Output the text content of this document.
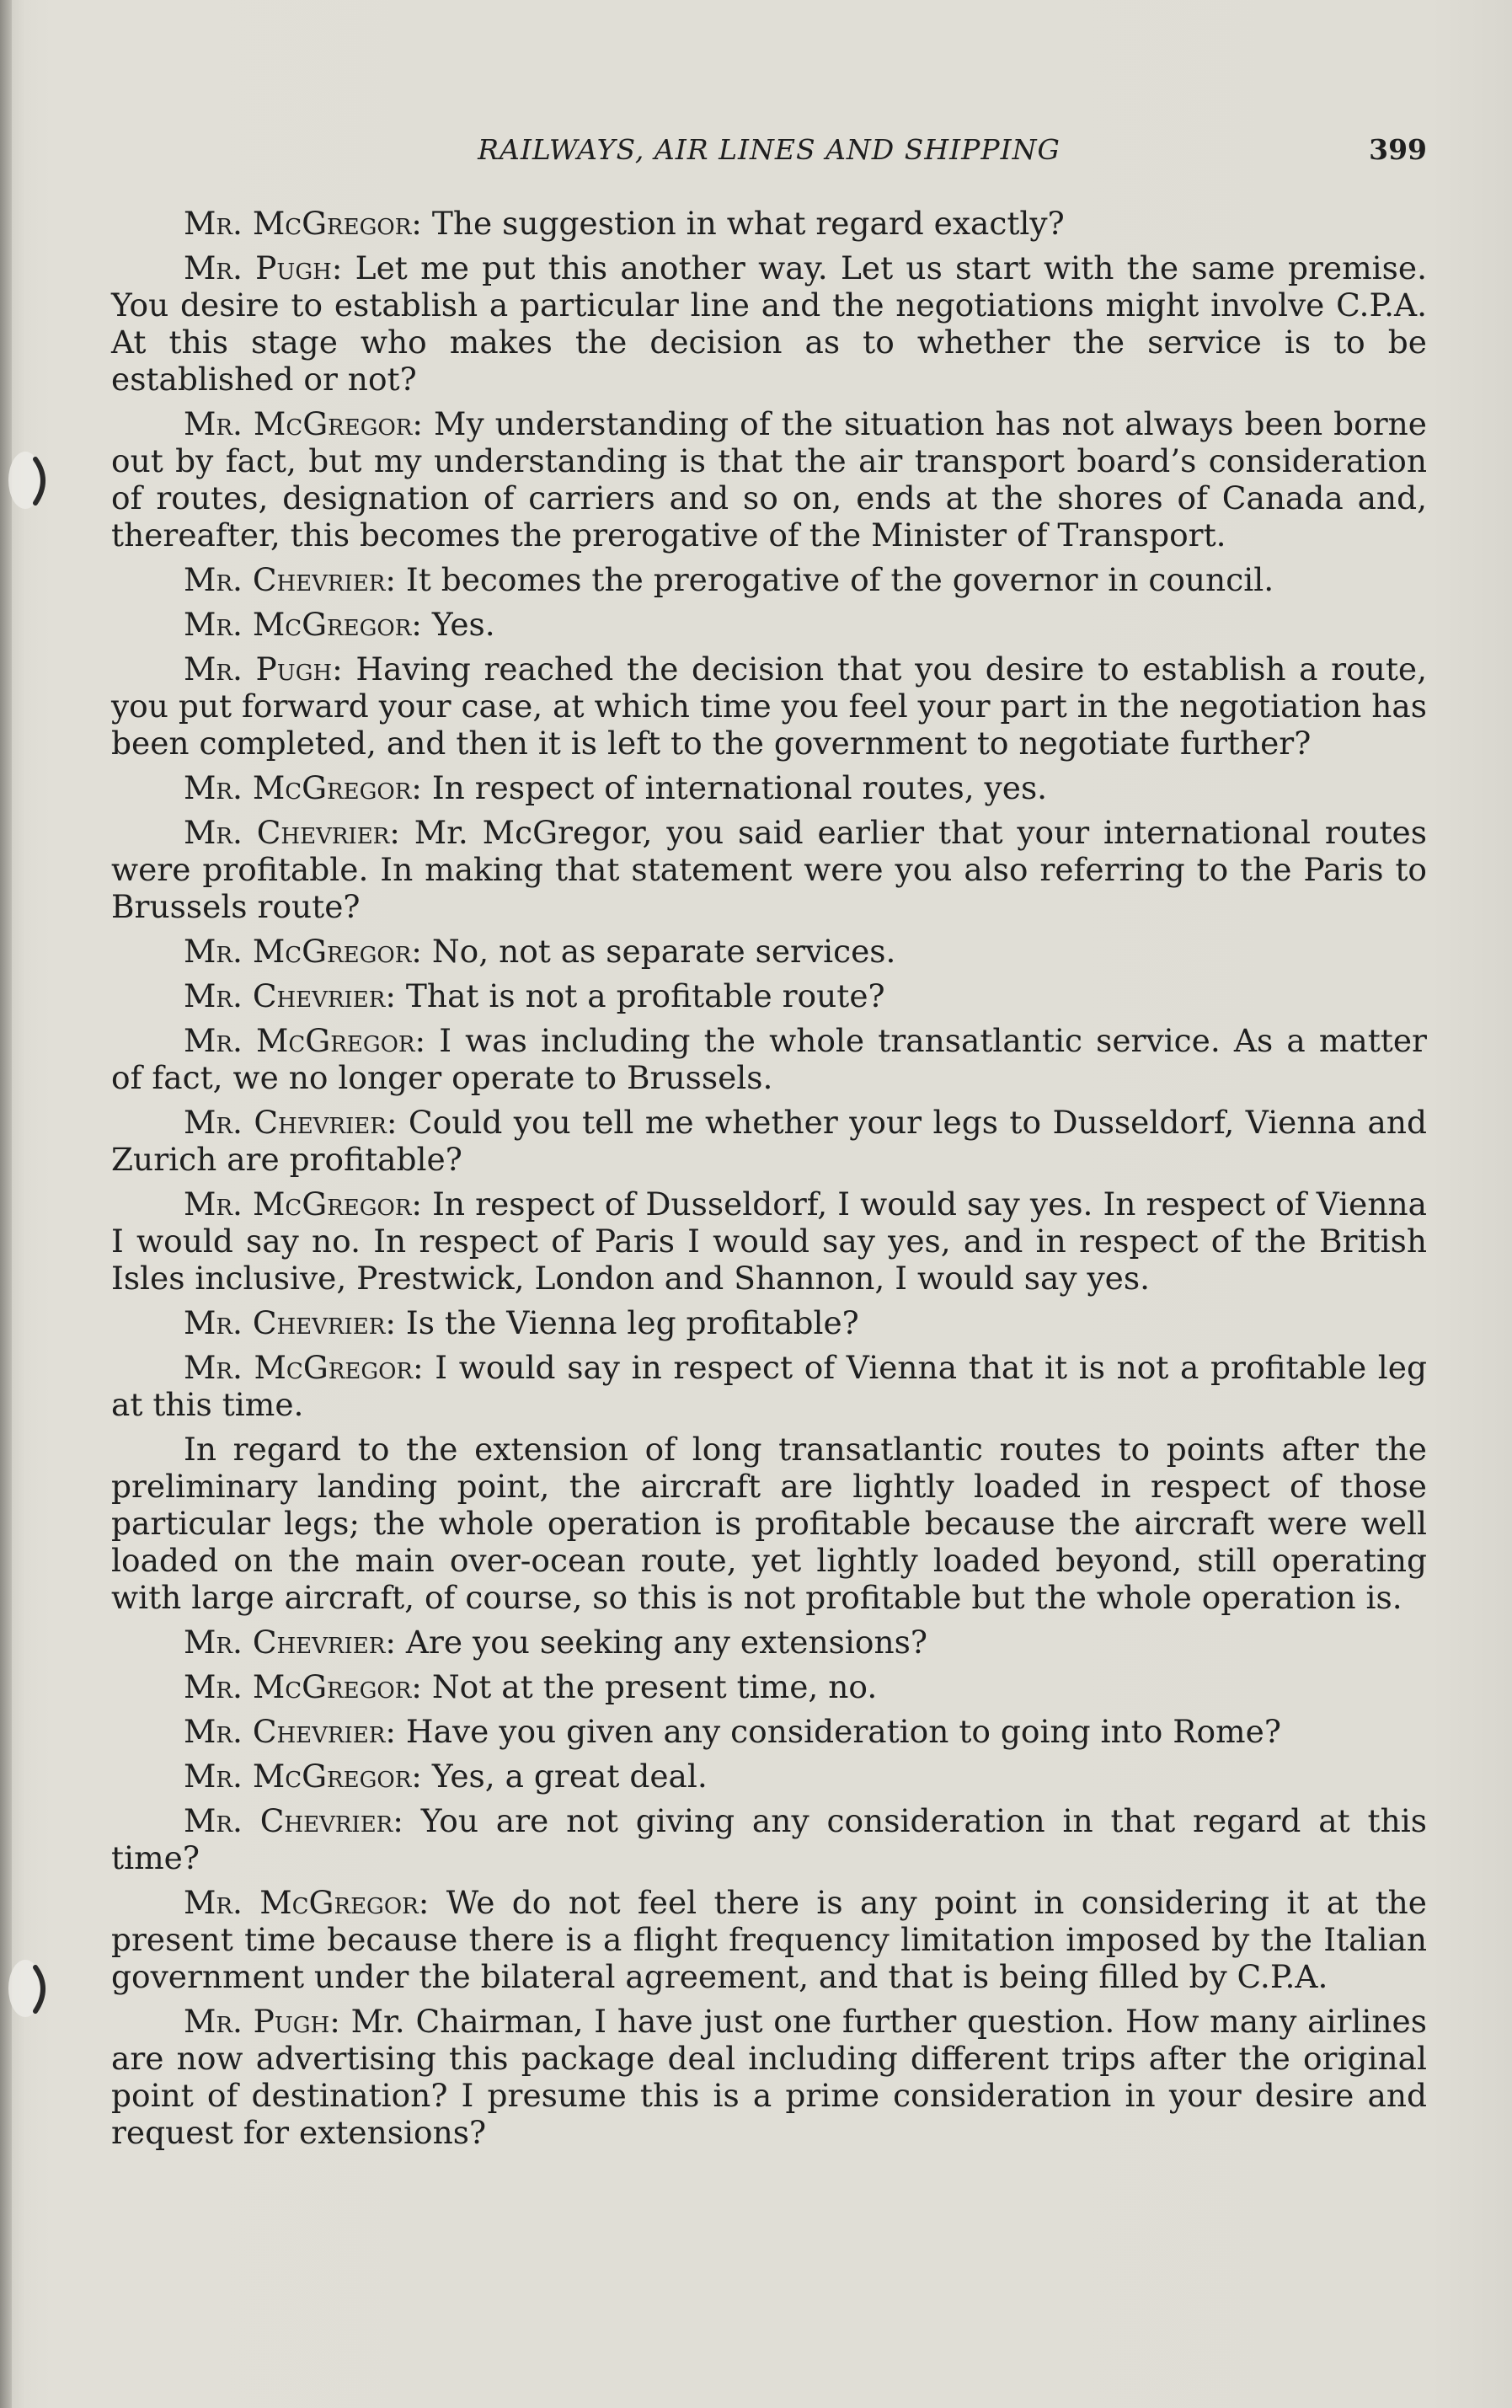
RAILWAYS, AIR LINES AND SHIPPING	399

Mr. McGregor: The suggestion in what regard exactly?

Mr. Pugh: Let me put this another way. Let us start with the same premise. You desire to establish a particular line and the negotiations might involve C.P.A. At this stage who makes the decision as to whether the service is to be established or not?

Mr. McGregor: My understanding of the situation has not always been borne out by fact, but my understanding is that the air transport board’s consideration of routes, designation of carriers and so on, ends at the shores of Canada and, thereafter, this becomes the prerogative of the Minister of Transport.

Mr. Chevrier: It becomes the prerogative of the governor in council.

Mr. McGregor: Yes.

Mr. Pugh: Having reached the decision that you desire to establish a route, you put forward your case, at which time you feel your part in the negotiation has been completed, and then it is left to the government to negotiate further?

Mr. McGregor: In respect of international routes, yes.

Mr. Chevrier: Mr. McGregor, you said earlier that your international routes were profitable. In making that statement were you also referring to the Paris to Brussels route?

Mr. McGregor: No, not as separate services.

Mr. Chevrier: That is not a profitable route?

Mr. McGregor: I was including the whole transatlantic service. As a matter of fact, we no longer operate to Brussels.

Mr. Chevrier: Could you tell me whether your legs to Dusseldorf, Vienna and Zurich are profitable?

Mr. McGregor: In respect of Dusseldorf, I would say yes. In respect of Vienna I would say no. In respect of Paris I would say yes, and in respect of the British Isles inclusive, Prestwick, London and Shannon, I would say yes.

Mr. Chevrier: Is the Vienna leg profitable?

Mr. McGregor: I would say in respect of Vienna that it is not a profitable leg at this time.

In regard to the extension of long transatlantic routes to points after the preliminary landing point, the aircraft are lightly loaded in respect of those particular legs; the whole operation is profitable because the aircraft were well loaded on the main over-ocean route, yet lightly loaded beyond, still operating with large aircraft, of course, so this is not profitable but the whole operation is.

Mr. Chevrier: Are you seeking any extensions?

Mr. McGregor: Not at the present time, no.

Mr. Chevrier: Have you given any consideration to going into Rome?

Mr. McGregor: Yes, a great deal.

Mr. Chevrier: You are not giving any consideration in that regard at this time?

Mr. McGregor: We do not feel there is any point in considering it at the present time because there is a flight frequency limitation imposed by the Italian government under the bilateral agreement, and that is being filled by C.P.A.

Mr. Pugh: Mr. Chairman, I have just one further question. How many airlines are now advertising this package deal including different trips after the original point of destination? I presume this is a prime consideration in your desire and request for extensions?
